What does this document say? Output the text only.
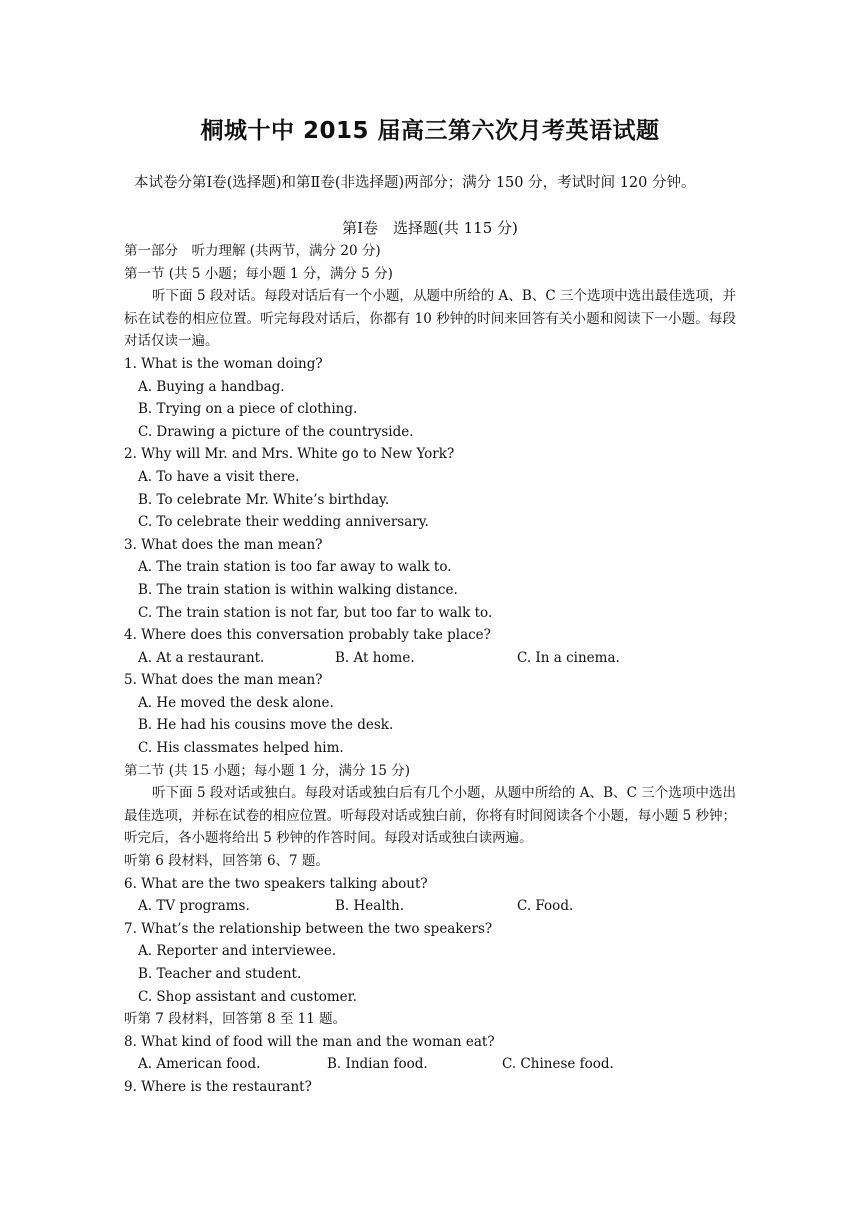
桐城十中 2015 届高三第六次月考英语试题
本试卷分第Ⅰ卷(选择题)和第Ⅱ卷(非选择题)两部分；满分 150 分，考试时间 120 分钟。
第Ⅰ卷　选择题(共 115 分)
第一部分　听力理解 (共两节，满分 20 分)
第一节 (共 5 小题；每小题 1 分，满分 5 分)
听下面 5 段对话。每段对话后有一个小题，从题中所给的 A、B、C 三个选项中选出最佳选项，并标在试卷的相应位置。听完每段对话后，你都有 10 秒钟的时间来回答有关小题和阅读下一小题。每段对话仅读一遍。
1. What is the woman doing?
A. Buying a handbag.
B. Trying on a piece of clothing.
C. Drawing a picture of the countryside.
2. Why will Mr. and Mrs. White go to New York?
A. To have a visit there.
B. To celebrate Mr. White’s birthday.
C. To celebrate their wedding anniversary.
3. What does the man mean?
A. The train station is too far away to walk to.
B. The train station is within walking distance.
C. The train station is not far, but too far to walk to.
4. Where does this conversation probably take place?
A. At a restaurant.	B. At home.	C. In a cinema.
5. What does the man mean?
A. He moved the desk alone.
B. He had his cousins move the desk.
C. His classmates helped him.
第二节 (共 15 小题；每小题 1 分，满分 15 分)
听下面 5 段对话或独白。每段对话或独白后有几个小题，从题中所给的 A、B、C 三个选项中选出最佳选项，并标在试卷的相应位置。听每段对话或独白前，你将有时间阅读各个小题，每小题 5 秒钟；听完后，各小题将给出 5 秒钟的作答时间。每段对话或独白读两遍。
听第 6 段材料，回答第 6、7 题。
6. What are the two speakers talking about?
A. TV programs.	B. Health.	C. Food.
7. What’s the relationship between the two speakers?
A. Reporter and interviewee.
B. Teacher and student.
C. Shop assistant and customer.
听第 7 段材料，回答第 8 至 11 题。
8. What kind of food will the man and the woman eat?
A. American food.	B. Indian food.	C. Chinese food.
9. Where is the restaurant?
